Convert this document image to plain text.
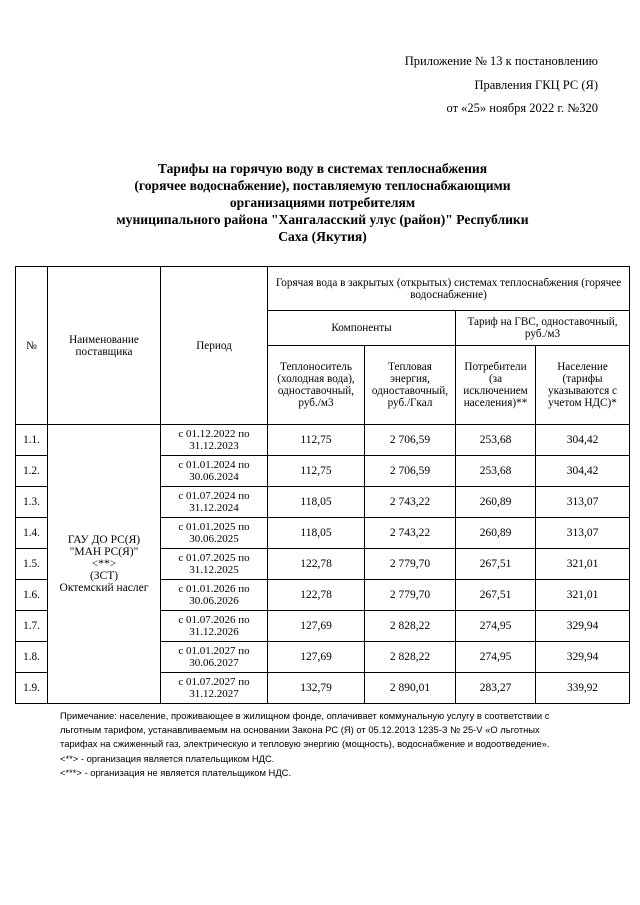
Приложение № 13 к постановлению
Правления ГКЦ РС (Я)
от «25» ноября 2022 г. №320
Тарифы на горячую воду в системах теплоснабжения
(горячее водоснабжение), поставляемую теплоснабжающими
организациями потребителям
муниципального района "Хангаласский улус (район)" Республики
Саха (Якутия)
№	Наименование поставщика	Период	Горячая вода в закрытых (открытых) системах теплоснабжения (горячее водоснабжение)			
			Компоненты		Тариф на ГВС, одноставочный, руб./м3	
			Теплоноситель (холодная вода), одноставочный, руб./м3	Тепловая энергия, одноставочный, руб./Гкал	Потребители (за исключением населения)**	Население (тарифы указываются с учетом НДС)*
1.1.	ГАУ ДО РС(Я)
"МАН РС(Я)"
<**>
(ЗСТ)
Октемский наслег	с 01.12.2022 по 31.12.2023	112,75	2 706,59	253,68	304,42
1.2.		с 01.01.2024 по 30.06.2024	112,75	2 706,59	253,68	304,42
1.3.		с 01.07.2024 по 31.12.2024	118,05	2 743,22	260,89	313,07
1.4.		с 01.01.2025 по 30.06.2025	118,05	2 743,22	260,89	313,07
1.5.		с 01.07.2025 по 31.12.2025	122,78	2 779,70	267,51	321,01
1.6.		с 01.01.2026 по 30.06.2026	122,78	2 779,70	267,51	321,01
1.7.		с 01.07.2026 по 31.12.2026	127,69	2 828,22	274,95	329,94
1.8.		с 01.01.2027 по 30.06.2027	127,69	2 828,22	274,95	329,94
1.9.		с 01.07.2027 по 31.12.2027	132,79	2 890,01	283,27	339,92
Примечание: население, проживающее в жилищном фонде, оплачивает коммунальную услугу в соответствии с
льготным тарифом, устанавливаемым на основании Закона РС (Я) от 05.12.2013 1235-З № 25-V «О льготных
тарифах на сжиженный газ, электрическую и тепловую энергию (мощность), водоснабжение и водоотведение».
<**> - организация является плательщиком НДС.
<***> - организация не является плательщиком НДС.
